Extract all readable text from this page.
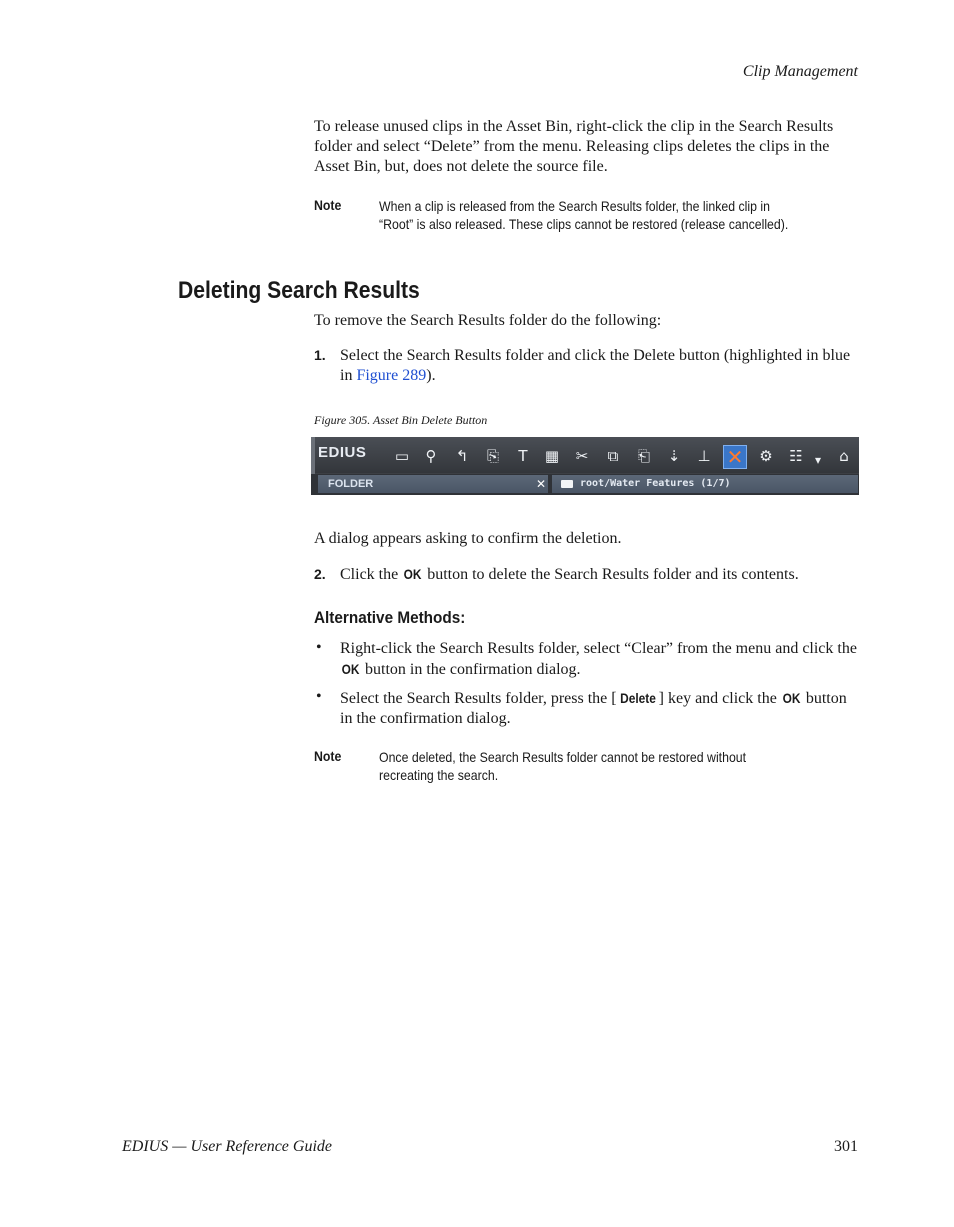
Clip Management
To release unused clips in the Asset Bin, right-click the clip in the Search Results folder and select “Delete” from the menu. Releasing clips deletes the clips in the Asset Bin, but, does not delete the source file.
Note	When a clip is released from the Search Results folder, the linked clip in “Root” is also released. These clips cannot be restored (release cancelled).
Deleting Search Results
To remove the Search Results folder do the following:
1. Select the Search Results folder and click the Delete button (highlighted in blue in Figure 289).
Figure 305. Asset Bin Delete Button
EDIUS ▭	⚲	↰	⎘	T	▦	✂	⧉	⎗	⇣	⊥ ✕ ⚙ ☷	▾	⌂
FOLDER	✕	root/Water Features (1/7)
A dialog appears asking to confirm the deletion.
2. Click the OK button to delete the Search Results folder and its contents.
Alternative Methods:
• Right-click the Search Results folder, select “Clear” from the menu and click the OK button in the confirmation dialog.
• Select the Search Results folder, press the [ Delete ] key and click the OK button in the confirmation dialog.
Note	Once deleted, the Search Results folder cannot be restored without recreating the search.
EDIUS — User Reference Guide	301
